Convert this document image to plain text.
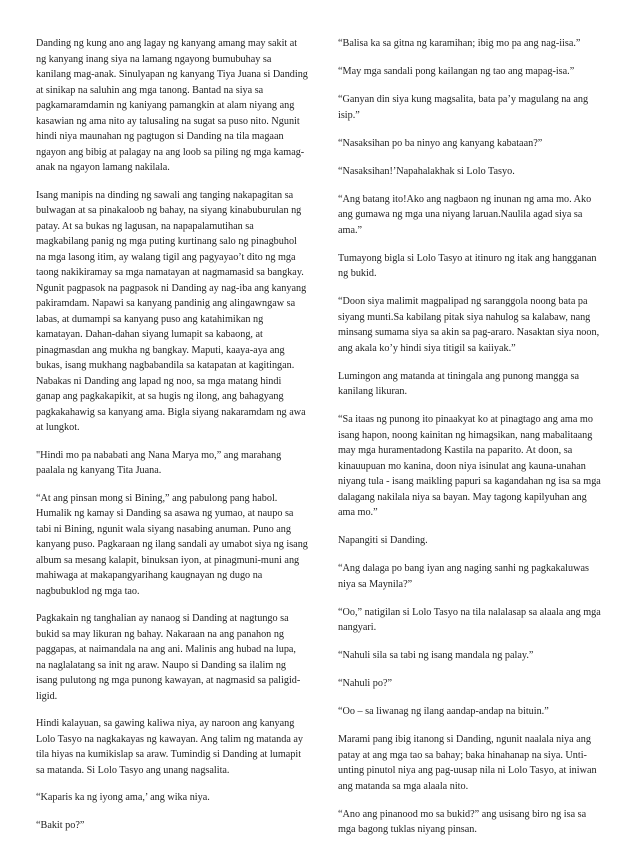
Danding ng kung ano ang lagay ng kanyang amang may sakit at ng kanyang inang siya na lamang ngayong bumubuhay sa kanilang mag-anak. Sinulyapan ng kanyang Tiya Juana si Danding at sinikap na saluhin ang mga tanong. Bantad na siya sa pagkamaramdamin ng kaniyang pamangkin at alam niyang ang kasawian ng ama nito ay talusaling na sugat sa puso nito. Ngunit hindi niya maunahan ng pagtugon si Danding na tila magaan ngayon ang bibig at palagay na ang loob sa piling ng mga kamag-anak na ngayon lamang nakilala.

Isang manipis na dinding ng sawali ang tanging nakapagitan sa bulwagan at sa pinakaloob ng bahay, na siyang kinabuburulan ng patay. At sa bukas ng lagusan, na napapalamutihan sa magkabilang panig ng mga puting kurtinang salo ng pinagbuhol na mga lasong itim, ay walang tigil ang pagyayao’t dito ng mga taong nakikiramay sa mga namatayan at nagmamasid sa bangkay. Ngunit pagpasok na pagpasok ni Danding ay nag-iba ang kanyang pakiramdam. Napawi sa kanyang pandinig ang alingawngaw sa labas, at dumampi sa kanyang puso ang katahimikan ng kamatayan. Dahan-dahan siyang lumapit sa kabaong, at pinagmasdan ang mukha ng bangkay. Maputi, kaaya-aya ang bukas, isang mukhang nagbabandila sa katapatan at kagitingan. Nabakas ni Danding ang lapad ng noo, sa mga matang hindi ganap ang pagkakapikit, at sa hugis ng ilong, ang bahagyang pagkakahawig sa kanyang ama. Bigla siyang nakaramdam ng awa at lungkot.

"Hindi mo pa nababati ang Nana Marya mo,” ang marahang paalala ng kanyang Tita Juana.

“At ang pinsan mong si Bining,” ang pabulong pang habol. Humalik ng kamay si Danding sa asawa ng yumao, at naupo sa tabi ni Bining, ngunit wala siyang nasabing anuman. Puno ang kanyang puso. Pagkaraan ng ilang sandali ay umabot siya ng isang album sa mesang kalapit, binuksan iyon, at pinagmuni-muni ang mahiwaga at makapangyarihang kaugnayan ng dugo na nagbubuklod ng mga tao.

Pagkakain ng tanghalian ay nanaog si Danding at nagtungo sa bukid sa may likuran ng bahay. Nakaraan na ang panahon ng paggapas, at naimandala na ang ani. Malinis ang hubad na lupa, na naglalatang sa init ng araw. Naupo si Danding sa ilalim ng isang pulutong ng mga punong kawayan, at nagmasid sa paligid-ligid.

Hindi kalayuan, sa gawing kaliwa niya, ay naroon ang kanyang Lolo Tasyo na nagkakayas ng kawayan. Ang talim ng matanda ay tila hiyas na kumikislap sa araw. Tumindig si Danding at lumapit sa matanda. Si Lolo Tasyo ang unang nagsalita.

“Kaparis ka ng iyong ama,’ ang wika niya.

“Bakit po?”

“Balisa ka sa gitna ng karamihan; ibig mo pa ang nag-iisa.”

“May mga sandali pong kailangan ng tao ang mapag-isa.”

“Ganyan din siya kung magsalita, bata pa’y magulang na ang isip.”

“Nasaksihan po ba ninyo ang kanyang kabataan?”

“Nasaksihan!’Napahalakhak si Lolo Tasyo.

“Ang batang ito!Ako ang nagbaon ng inunan ng ama mo. Ako ang gumawa ng mga una niyang laruan.Naulila agad siya sa ama.”

Tumayong bigla si Lolo Tasyo at itinuro ng itak ang hangganan ng bukid.

“Doon siya malimit magpalipad ng saranggola noong bata pa siyang munti.Sa kabilang pitak siya nahulog sa kalabaw, nang minsang sumama siya sa akin sa pag-araro. Nasaktan siya noon, ang akala ko’y hindi siya titigil sa kaiiyak.”

Lumingon ang matanda at tiningala ang punong mangga sa kanilang likuran.

“Sa itaas ng punong ito pinaakyat ko at pinagtago ang ama mo isang hapon, noong kainitan ng himagsikan, nang mabalitaang may mga huramentadong Kastila na paparito. At doon, sa kinauupuan mo kanina, doon niya isinulat ang kauna-unahan niyang tula - isang maikling papuri sa kagandahan ng isa sa mga dalagang nakilala niya sa bayan. May tagong kapilyuhan ang ama mo.”

Napangiti si Danding.

“Ang dalaga po bang iyan ang naging sanhi ng pagkakaluwas niya sa Maynila?”

“Oo,” natigilan si Lolo Tasyo na tila nalalasap sa alaala ang mga nangyari.

“Nahuli sila sa tabi ng isang mandala ng palay.”

“Nahuli po?”

“Oo – sa liwanag ng ilang aandap-andap na bituin.”

Marami pang ibig itanong si Danding, ngunit naalala niya ang patay at ang mga tao sa bahay; baka hinahanap na siya. Unti-unting pinutol niya ang pag-uusap nila ni Lolo Tasyo, at iniwan ang matanda sa mga alaala nito.

“Ano ang pinanood mo sa bukid?” ang usisang biro ng isa sa mga bagong tuklas niyang pinsan.
